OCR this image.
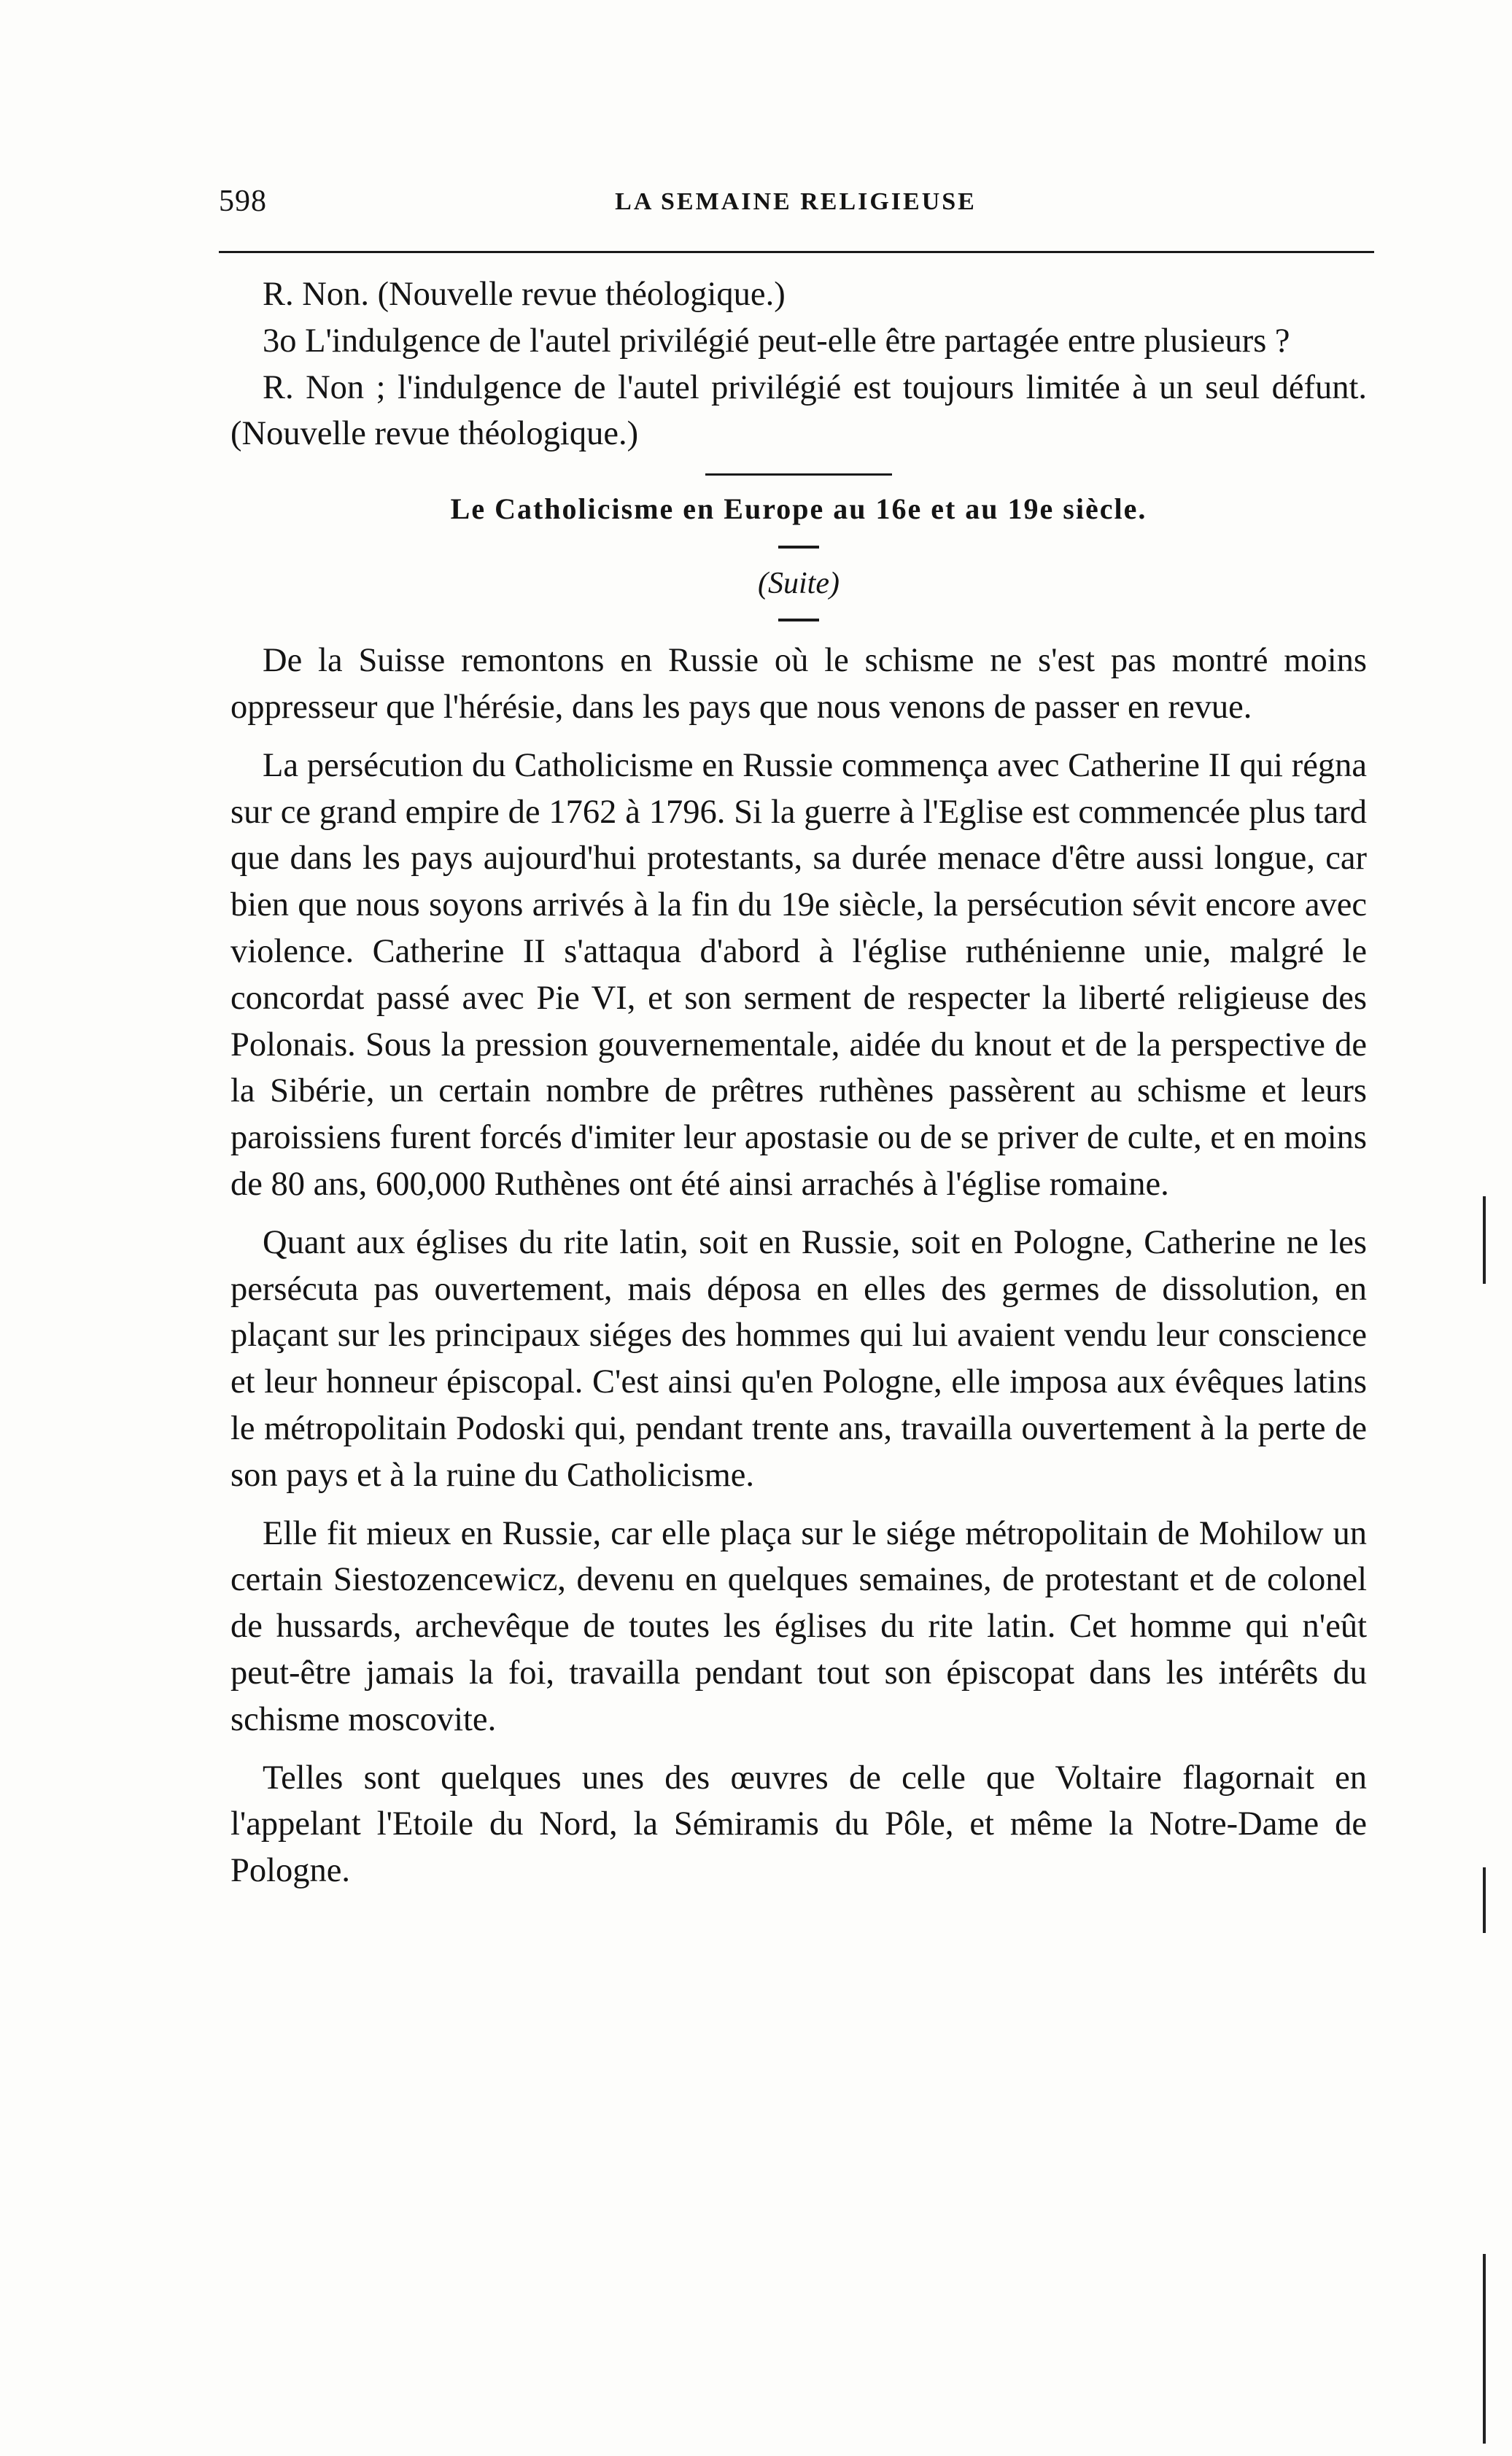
598	LA SEMAINE RELIGIEUSE

R. Non. (Nouvelle revue théologique.)

3o L'indulgence de l'autel privilégié peut-elle être partagée entre plusieurs ?

R. Non ; l'indulgence de l'autel privilégié est toujours limitée à un seul défunt. (Nouvelle revue théologique.)

Le Catholicisme en Europe au 16e et au 19e siècle.

(Suite)

De la Suisse remontons en Russie où le schisme ne s'est pas montré moins oppresseur que l'hérésie, dans les pays que nous venons de passer en revue.

La persécution du Catholicisme en Russie commença avec Catherine II qui régna sur ce grand empire de 1762 à 1796. Si la guerre à l'Eglise est commencée plus tard que dans les pays aujourd'hui protestants, sa durée menace d'être aussi longue, car bien que nous soyons arrivés à la fin du 19e siècle, la persécution sévit encore avec violence. Catherine II s'attaqua d'abord à l'église ruthénienne unie, malgré le concordat passé avec Pie VI, et son serment de respecter la liberté religieuse des Polonais. Sous la pression gouvernementale, aidée du knout et de la perspective de la Sibérie, un certain nombre de prêtres ruthènes passèrent au schisme et leurs paroissiens furent forcés d'imiter leur apostasie ou de se priver de culte, et en moins de 80 ans, 600,000 Ruthènes ont été ainsi arrachés à l'église romaine.

Quant aux églises du rite latin, soit en Russie, soit en Pologne, Catherine ne les persécuta pas ouvertement, mais déposa en elles des germes de dissolution, en plaçant sur les principaux siéges des hommes qui lui avaient vendu leur conscience et leur honneur épiscopal. C'est ainsi qu'en Pologne, elle imposa aux évêques latins le métropolitain Podoski qui, pendant trente ans, travailla ouvertement à la perte de son pays et à la ruine du Catholicisme.

Elle fit mieux en Russie, car elle plaça sur le siége métropolitain de Mohilow un certain Siestozencewicz, devenu en quelques semaines, de protestant et de colonel de hussards, archevêque de toutes les églises du rite latin. Cet homme qui n'eût peut-être jamais la foi, travailla pendant tout son épiscopat dans les intérêts du schisme moscovite.

Telles sont quelques unes des œuvres de celle que Voltaire flagornait en l'appelant l'Etoile du Nord, la Sémiramis du Pôle, et même la Notre-Dame de Pologne.
